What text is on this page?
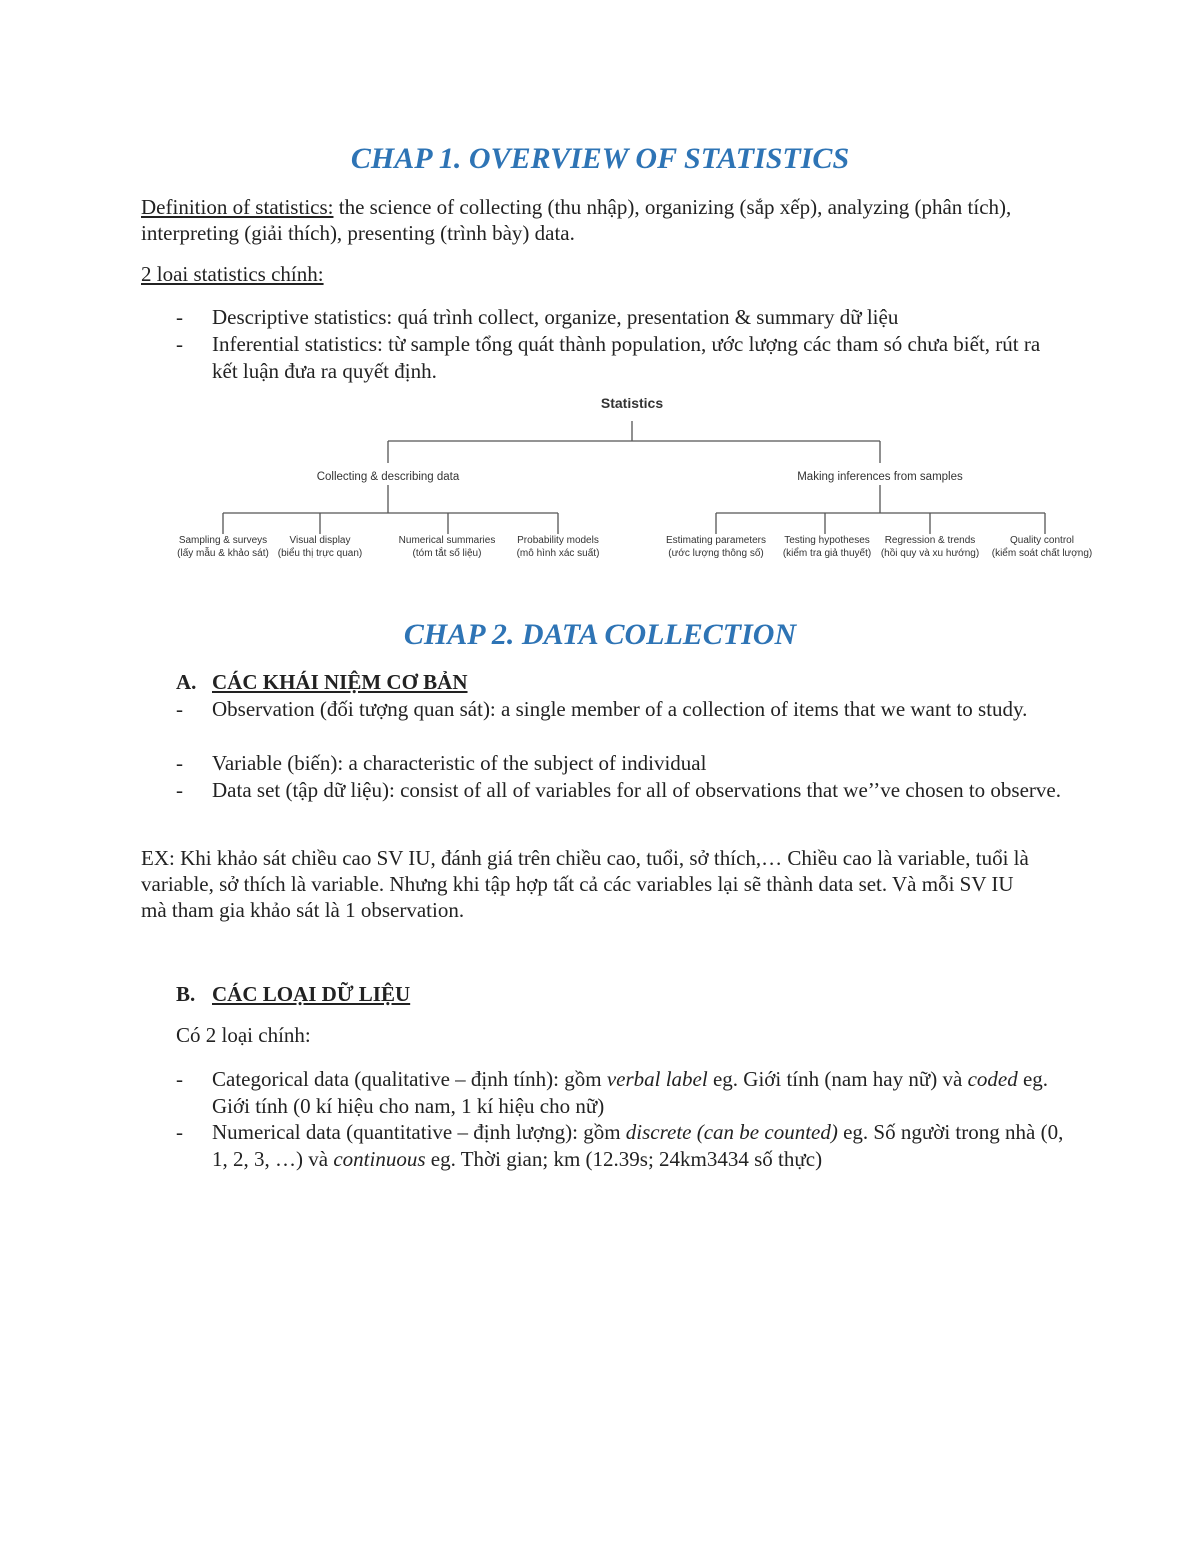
CHAP 1. OVERVIEW OF STATISTICS

Definition of statistics: the science of collecting (thu nhập), organizing (sắp xếp), analyzing (phân tích), interpreting (giải thích), presenting (trình bày) data.

2 loai statistics chính:

- Descriptive statistics: quá trình collect, organize, presentation & summary dữ liệu
- Inferential statistics: từ sample tổng quát thành population, ước lượng các tham só chưa biết, rút ra kết luận đưa ra quyết định.
Statistics
Collecting & describing data	Making inferences from samples
Sampling & surveys
(lấy mẫu & khảo sát)
Visual display
(biểu thị trực quan)
Numerical summaries
(tóm tắt số liệu)
Probability models
(mô hình xác suất)
Estimating parameters
(ước lượng thông số)
Testing hypotheses
(kiểm tra giả thuyết)
Regression & trends
(hồi quy và xu hướng)
Quality control
(kiểm soát chất lượng)
CHAP 2. DATA COLLECTION
A. CÁC KHÁI NIỆM CƠ BẢN
- Observation (đối tượng quan sát): a single member of a collection of items that we want to study.
- Variable (biến): a characteristic of the subject of individual
- Data set (tập dữ liệu): consist of all of variables for all of observations that we’’ve chosen to observe.

EX: Khi khảo sát chiều cao SV IU, đánh giá trên chiều cao, tuổi, sở thích,… Chiều cao là variable, tuổi là variable, sở thích là variable. Nhưng khi tập hợp tất cả các variables lại sẽ thành data set. Và mỗi SV IU mà tham gia khảo sát là 1 observation.

B. CÁC LOẠI DỮ LIỆU

Có 2 loại chính:

- Categorical data (qualitative – định tính): gồm verbal label eg. Giới tính (nam hay nữ) và coded eg. Giới tính (0 kí hiệu cho nam, 1 kí hiệu cho nữ)
- Numerical data (quantitative – định lượng): gồm discrete (can be counted) eg. Số người trong nhà (0, 1, 2, 3, …) và continuous eg. Thời gian; km (12.39s; 24km3434 số thực)
